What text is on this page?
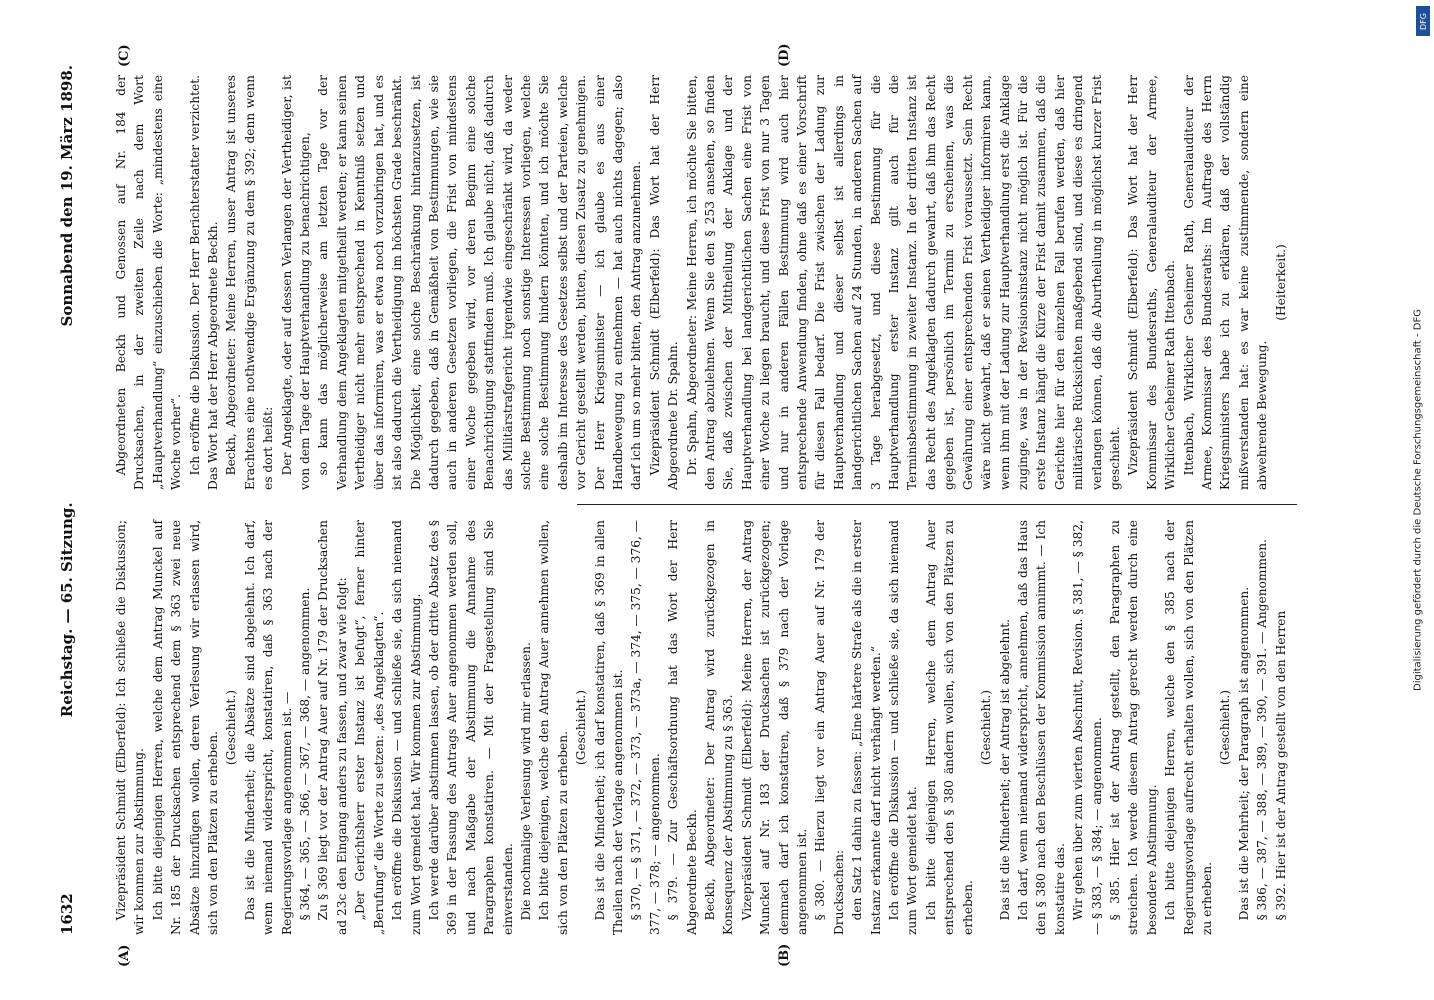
1632
Reichstag. — 65. Sitzung.
Sonnabend den 19. März 1898.
(A)	(B)
(C)	(D)

Vizepräsident Schmidt (Elberfeld): Ich schließe die Diskussion; wir kommen zur Abstimmung. Ich bitte diejenigen Herren, welche dem Antrag Munckel auf Nr. 185 der Drucksachen entsprechend dem § 363 zwei neue Absätze hinzufügen wollen, deren Verlesung wir erlassen wird, sich von den Plätzen zu erheben.

(Geschieht.) Das ist die Minderheit; die Absätze sind abgelehnt. Ich darf, wenn niemand widerspricht, konstatiren, daß § 363 nach der Regierungsvorlage angenommen ist. — § 364, — 365, — 366, — 367, — 368, — angenommen. Zu § 369 liegt vor der Antrag Auer auf Nr. 179 der Drucksachen ad 23c den Eingang anders zu fassen, und zwar wie folgt: „Der Gerichtsherr erster Instanz ist befugt“, ferner hinter „Berufung“ die Worte zu setzen: „des Angeklagten“. Ich eröffne die Diskussion — und schließe sie, da sich niemand zum Wort gemeldet hat. Wir kommen zur Abstimmung. Ich werde darüber abstimmen lassen, ob der dritte Absatz des § 369 in der Fassung des Antrags Auer angenommen werden soll, und nach Maßgabe der Abstimmung die Annahme des Paragraphen konstatiren. — Mit der Fragestellung sind Sie einverstanden. Die nochmalige Verlesung wird mir erlassen. Ich bitte diejenigen, welche den Antrag Auer annehmen wollen, sich von den Plätzen zu erheben.

(Geschieht.) Das ist die Minderheit; ich darf konstatiren, daß § 369 in allen Theilen nach der Vorlage angenommen ist. § 370, — § 371, — 372, — 373, — 373a, — 374, — 375, — 376, — 377, — 378; — angenommen. § 379. — Zur Geschäftsordnung hat das Wort der Herr Abgeordnete Beckh. Beckh, Abgeordneter: Der Antrag wird zurückgezogen in Konsequenz der Abstimmung zu § 363. Vizepräsident Schmidt (Elberfeld): Meine Herren, der Antrag Munckel auf Nr. 183 der Drucksachen ist zurückgezogen; demnach darf ich konstatiren, daß § 379 nach der Vorlage angenommen ist. § 380. — Hierzu liegt vor ein Antrag Auer auf Nr. 179 der Drucksachen: den Satz 1 dahin zu fassen: „Eine härtere Strafe als die in erster Instanz erkannte darf nicht verhängt werden.“ Ich eröffne die Diskussion — und schließe sie, da sich niemand zum Wort gemeldet hat. Ich bitte diejenigen Herren, welche dem Antrag Auer entsprechend den § 380 ändern wollen, sich von den Plätzen zu erheben.

(Geschieht.) Das ist die Minderheit; der Antrag ist abgelehnt. Ich darf, wenn niemand widerspricht, annehmen, daß das Haus den § 380 nach den Beschlüssen der Kommission annimmt. — Ich konstatire das. Wir gehen über zum vierten Abschnitt, Revision. § 381, — § 382, — § 383, — § 384; — angenommen. § 385. Hier ist der Antrag gestellt, den Paragraphen zu streichen. Ich werde diesem Antrag gerecht werden durch eine besondere Abstimmung. Ich bitte diejenigen Herren, welche den § 385 nach der Regierungsvorlage aufrecht erhalten wollen, sich von den Plätzen zu erheben.

(Geschieht.) Das ist die Mehrheit; der Paragraph ist angenommen. § 386, — 387, — 388, — 389, — 390, — 391. — Angenommen. § 392. Hier ist der Antrag gestellt von den Herren

Abgeordneten Beckh und Genossen auf Nr. 184 der Drucksachen, in der zweiten Zeile nach dem Wort „Hauptverhandlung“ einzuschieben die Worte: „mindestens eine Woche vorher“. Ich eröffne die Diskussion. Der Herr Berichterstatter verzichtet. Das Wort hat der Herr Abgeordnete Beckh. Beckh, Abgeordneter: Meine Herren, unser Antrag ist unseres Erachtens eine nothwendige Ergänzung zu dem § 392; denn wenn es dort heißt: Der Angeklagte, oder auf dessen Verlangen der Vertheidiger, ist von dem Tage der Hauptverhandlung zu benachrichtigen, so kann das möglicherweise am letzten Tage vor der Verhandlung dem Angeklagten mitgetheilt werden; er kann seinen Vertheidiger nicht mehr entsprechend in Kenntniß setzen und über das informiren, was er etwa noch vorzubringen hat, und es ist also dadurch die Vertheidigung im höchsten Grade beschränkt. Die Möglichkeit, eine solche Beschränkung hintanzusetzen, ist dadurch gegeben, daß in Gemäßheit von Bestimmungen, wie sie auch in anderen Gesetzen vorliegen, die Frist von mindestens einer Woche gegeben wird, vor deren Beginn eine solche Benachrichtigung stattfinden muß. Ich glaube nicht, daß dadurch das Militärstrafgericht irgendwie eingeschränkt wird, da weder solche Bestimmung noch sonstige Interessen vorliegen, welche eine solche Bestimmung hindern könnten, und ich möchte Sie deshalb im Interesse des Gesetzes selbst und der Parteien, welche vor Gericht gestellt werden, bitten, diesen Zusatz zu genehmigen. Der Herr Kriegsminister — ich glaube es aus einer Handbewegung zu entnehmen — hat auch nichts dagegen; also darf ich um so mehr bitten, den Antrag anzunehmen. Vizepräsident Schmidt (Elberfeld): Das Wort hat der Herr Abgeordnete Dr. Spahn. Dr. Spahn, Abgeordneter: Meine Herren, ich möchte Sie bitten, den Antrag abzulehnen. Wenn Sie den § 253 ansehen, so finden Sie, daß zwischen der Mittheilung der Anklage und der Hauptverhandlung bei landgerichtlichen Sachen eine Frist von einer Woche zu liegen braucht, und diese Frist von nur 3 Tagen und nur in anderen Fällen Bestimmung wird auch hier entsprechende Anwendung finden, ohne daß es einer Vorschrift für diesen Fall bedarf. Die Frist zwischen der Ladung zur Hauptverhandlung und dieser selbst ist allerdings in landgerichtlichen Sachen auf 24 Stunden, in anderen Sachen auf 3 Tage herabgesetzt, und diese Bestimmung für die Hauptverhandlung erster Instanz gilt auch für die Terminsbestimmung in zweiter Instanz. In der dritten Instanz ist das Recht des Angeklagten dadurch gewahrt, daß ihm das Recht gegeben ist, persönlich im Termin zu erscheinen, was die Gewährung einer entsprechenden Frist voraussetzt. Sein Recht wäre nicht gewahrt, daß er seinen Vertheidiger informiren kann, wenn ihm mit der Ladung zur Hauptverhandlung erst die Anklage zuginge, was in der Revisionsinstanz nicht möglich ist. Für die erste Instanz hängt die Kürze der Frist damit zusammen, daß die Gerichte hier für den einzelnen Fall berufen werden, daß hier militärische Rücksichten maßgebend sind, und diese es dringend verlangen können, daß die Aburtheilung in möglichst kurzer Frist geschieht. Vizepräsident Schmidt (Elberfeld): Das Wort hat der Herr Kommissar des Bundesraths, Generalauditeur der Armee, Wirklicher Geheimer Rath Ittenbach. Ittenbach, Wirklicher Geheimer Rath, Generalauditeur der Armee, Kommissar des Bundesraths: Im Auftrage des Herrn Kriegsministers habe ich zu erklären, daß der vollständig mißverstanden hat: es war keine zustimmende, sondern eine abwehrende Bewegung.

(Heiterkeit.)

Digitalisierung gefördert durch die Deutsche Forschungsgemeinschaft - DFG
DFG
